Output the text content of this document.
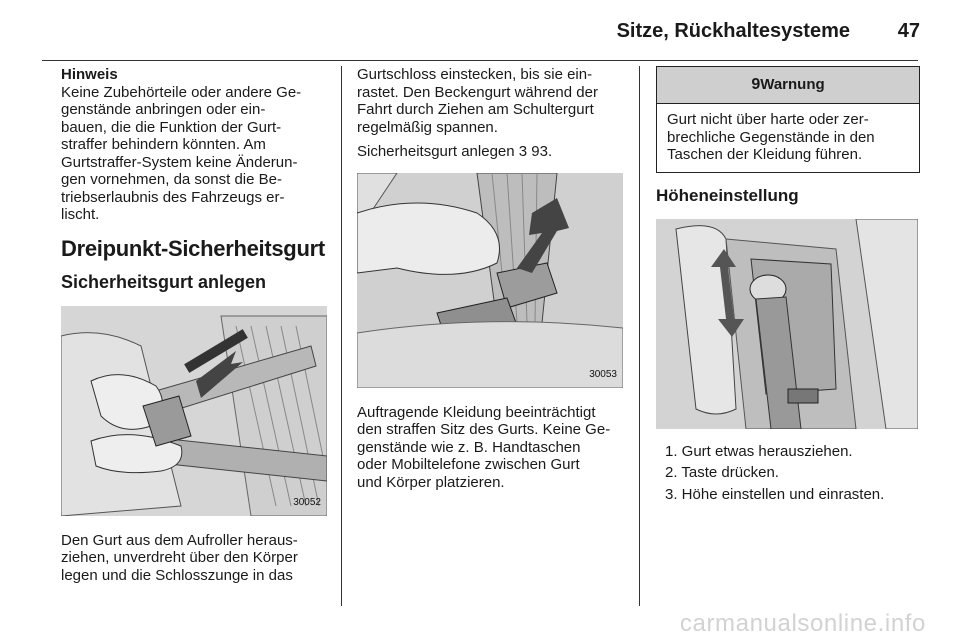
Sitze, Rückhaltesysteme 47
Hinweis

Keine Zubehörteile oder andere Ge-
genstände anbringen oder ein-
bauen, die die Funktion der Gurt-
straffer behindern könnten. Am
Gurtstraffer-System keine Änderun-
gen vornehmen, da sonst die Be-
triebserlaubnis des Fahrzeugs er-
lischt.

Dreipunkt-Sicherheitsgurt
Sicherheitsgurt anlegen
30052

Den Gurt aus dem Aufroller heraus-
ziehen, unverdreht über den Körper
legen und die Schlosszunge in das

Gurtschloss einstecken, bis sie ein-
rastet. Den Beckengurt während der
Fahrt durch Ziehen am Schultergurt
regelmäßig spannen.

Sicherheitsgurt anlegen 3 93.

30053

Auftragende Kleidung beeinträchtigt
den straffen Sitz des Gurts. Keine Ge-
genstände wie z. B. Handtaschen
oder Mobiltelefone zwischen Gurt
und Körper platzieren.

9Warnung
Gurt nicht über harte oder zer-
brechliche Gegenstände in den
Taschen der Kleidung führen.
Höheneinstellung
1. Gurt etwas herausziehen.
2. Taste drücken.
3. Höhe einstellen und einrasten.
carmanualsonline.info
